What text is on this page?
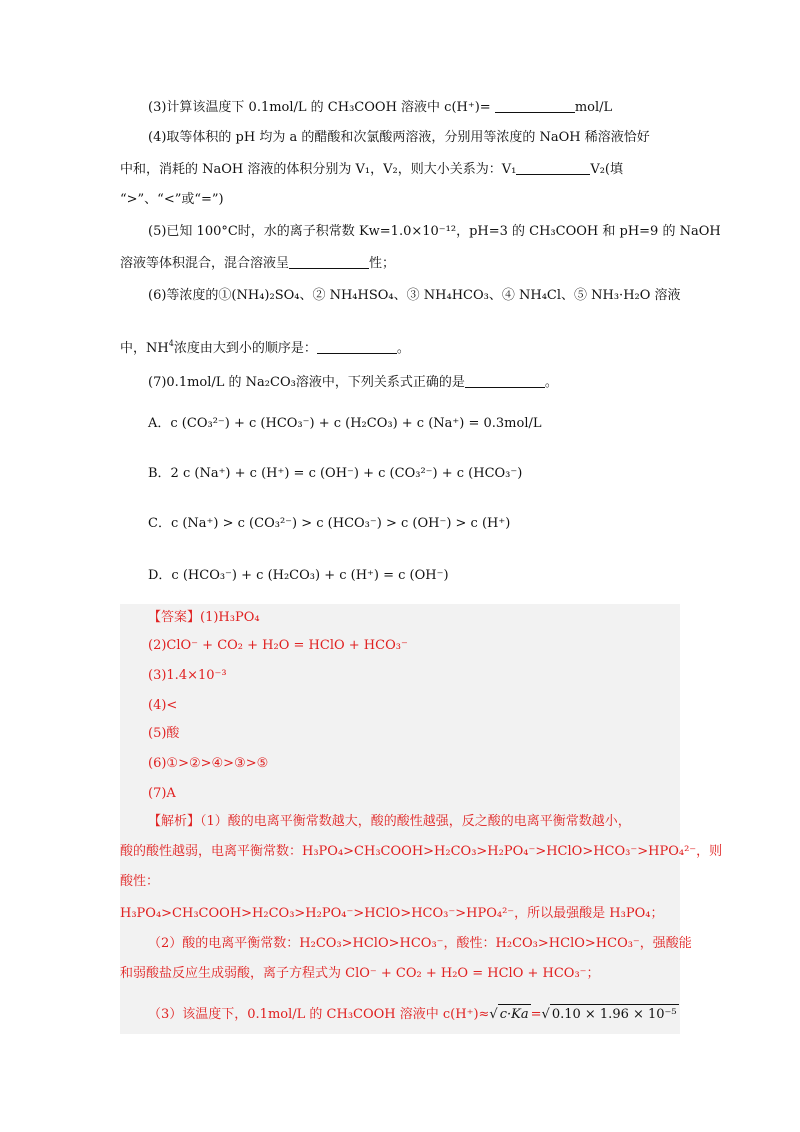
(3)计算该温度下 0.1mol/L 的 CH₃COOH 溶液中 c(H⁺)=	mol/L
(4)取等体积的 pH 均为 a 的醋酸和次氯酸两溶液，分别用等浓度的 NaOH 稀溶液恰好
中和，消耗的 NaOH 溶液的体积分别为 V₁，V₂，则大小关系为：V₁	V₂(填
“>”、“<”或“=”)
(5)已知 100°C时，水的离子积常数 Kw=1.0×10⁻¹²，pH=3 的 CH₃COOH 和 pH=9 的 NaOH
溶液等体积混合，混合溶液呈	性；
(6)等浓度的①(NH₄)₂SO₄、② NH₄HSO₄、③ NH₄HCO₃、④ NH₄Cl、⑤ NH₃·H₂O 溶液
中，$NH^4$浓度由大到小的顺序是：	。
(7)0.1mol/L 的 Na₂CO₃溶液中，下列关系式正确的是	。
A．c (CO₃²⁻) + c (HCO₃⁻) + c (H₂CO₃) + c (Na⁺) = 0.3mol/L
B．2 c (Na⁺) + c (H⁺) = c (OH⁻) + c (CO₃²⁻) + c (HCO₃⁻)
C．c (Na⁺) > c (CO₃²⁻) > c (HCO₃⁻) > c (OH⁻) > c (H⁺)
D．c (HCO₃⁻) + c (H₂CO₃) + c (H⁺) = c (OH⁻)
【答案】(1)H₃PO₄
(2)ClO⁻ + CO₂ + H₂O = HClO + HCO₃⁻
(3)1.4×10⁻³
(4)<
(5)酸
(6)①>②>④>③>⑤
(7)A
【解析】（1）酸的电离平衡常数越大，酸的酸性越强，反之酸的电离平衡常数越小，
酸的酸性越弱，电离平衡常数：H₃PO₄>CH₃COOH>H₂CO₃>H₂PO₄⁻>HClO>HCO₃⁻>HPO₄²⁻，则
酸性：
H₃PO₄>CH₃COOH>H₂CO₃>H₂PO₄⁻>HClO>HCO₃⁻>HPO₄²⁻，所以最强酸是 H₃PO₄；
（2）酸的电离平衡常数：H₂CO₃>HClO>HCO₃⁻，酸性：H₂CO₃>HClO>HCO₃⁻，强酸能
和弱酸盐反应生成弱酸，离子方程式为 ClO⁻ + CO₂ + H₂O = HClO + HCO₃⁻；
（3）该温度下，0.1mol/L 的 CH₃COOH 溶液中 c(H⁺)≈√ c·Ka =√ 0.10 × 1.96 × 10⁻⁵
